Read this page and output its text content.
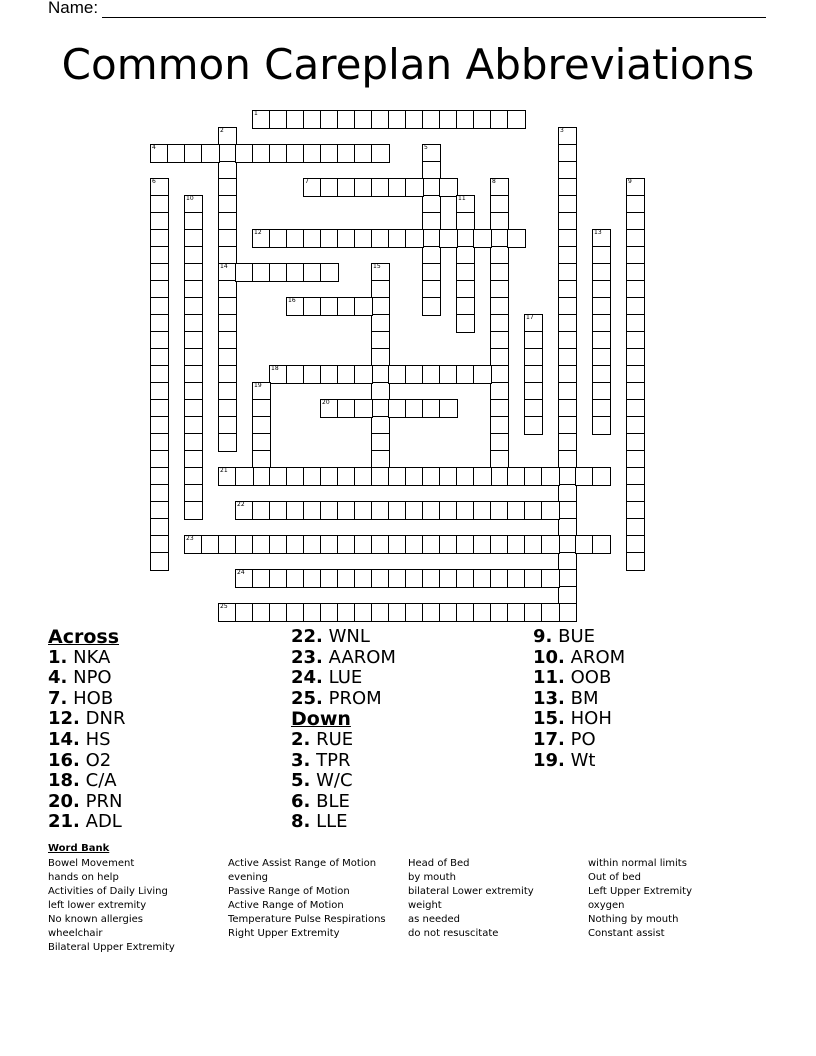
Name:
Common Careplan Abbreviations
1
2
14
3
4	5
6	7	8	9
10	11
12	13
15
16
17
18
19
20
21
22
23
24
25
Across
1. NKA
4. NPO
7. HOB
12. DNR
14. HS
16. O2
18. C/A
20. PRN
21. ADL
22. WNL
23. AAROM
24. LUE
25. PROM
Down
2. RUE
3. TPR
5. W/C
6. BLE
8. LLE
9. BUE
10. AROM
11. OOB
13. BM
15. HOH
17. PO
19. Wt
Word Bank
Bowel Movement
hands on help
Activities of Daily Living
left lower extremity
No known allergies
wheelchair
Bilateral Upper Extremity
Active Assist Range of Motion
evening
Passive Range of Motion
Active Range of Motion
Temperature Pulse Respirations
Right Upper Extremity
Head of Bed
by mouth
bilateral Lower extremity
weight
as needed
do not resuscitate
within normal limits
Out of bed
Left Upper Extremity
oxygen
Nothing by mouth
Constant assist
